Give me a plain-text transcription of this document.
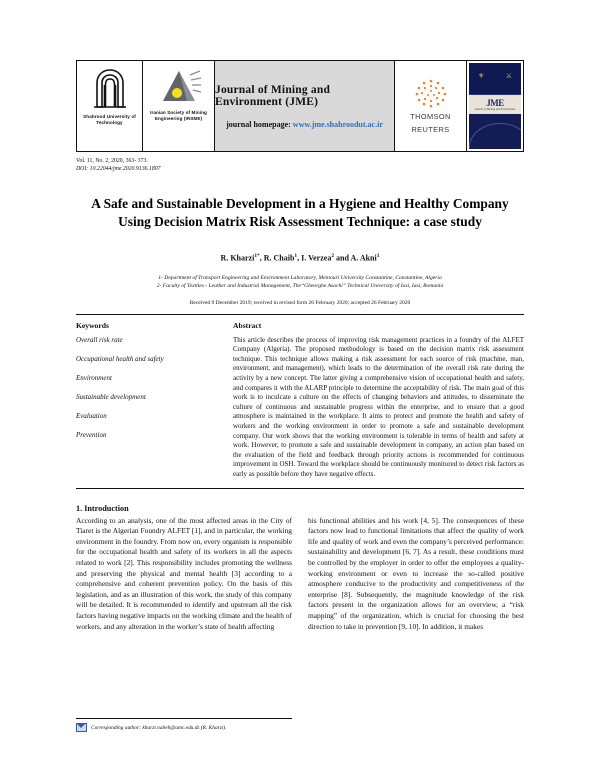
Shahrood University of Technology
Iranian Society of Mining Engineering (IRSME)
Journal of Mining and Environment (JME)
journal homepage: www.jme.shahroodut.ac.ir
THOMSON
REUTERS
⚜	⚔
JME
Journal of Mining and Environment
Vol. 11, No. 2, 2020, 363- 373.
DOI: 10.22044/jme.2020.9136.1807
A Safe and Sustainable Development in a Hygiene and Healthy Company
Using Decision Matrix Risk Assessment Technique: a case study
R. Kharzi$^{1*}$, R. Chaib$^1$, I. Verzea$^2$ and A. Akni$^1$
1- Department of Transport Engineering and Environment Laboratory, Mentouri University Constantine, Constantine, Algeria
2- Faculty of Textiles - Leather and Industrial Management, The“Gheorghe Asachi” Technical University of Iasi, Iasi, Romania
Received 9 December 2019; received in revised form 26 February 2020; accepted 26 February 2020
Keywords
Overall risk rate
Occupational health and safety
Environment
Sustainable development
Evaluation
Prevention
Abstract
This article describes the process of improving risk management practices in a foundry of the ALFET Company (Algeria). The proposed methodology is based on the decision matrix risk assessment technique. This technique allows making a risk assessment for each source of risk (machine, man, environment, and management), which leads to the determination of the overall risk rate during the activity by a new concept. The latter giving a comprehensive vision of occupational health and safety, and compares it with the ALARP principle to determine the acceptability of risk. The main goal of this work is to inculcate a culture on the effects of changing behaviors and attitudes, to disseminate the culture of continuous and sustainable progress within the enterprise, and to ensure that a good atmosphere is maintained in the workplace. It aims to protect and promote the health and safety of workers and the working environment in order to promote a safe and sustainable development company. Our work shows that the working environment is tolerable in terms of health and safety at work. However, to promote a safe and sustainable development in company, an action plan based on the evaluation of the field and feedback through priority actions is recommended for continuous improvement in OSH. Toward the workplace should be continuously monitored to detect risk factors as early as possible before they have negative effects.
1. Introduction
According to an analysis, one of the most affected areas in the City of Tiaret is the Algerian Foundry ALFET [1], and in particular, the working environment in the foundry. From now on, every organism is responsible for the occupational health and safety of its workers in all the aspects related to work [2]. This responsibility includes promoting the wellness and preserving the physical and mental health [3] according to a comprehensive and coherent prevention policy. On the basis of this legislation, and as an illustration of this work, the study of this company will be detailed. It is recommended to identify and upstream all the risk factors having negative impacts on the working climate and the health of workers, and any alteration in the worker’s state of health affecting
his functional abilities and his work [4, 5]. The consequences of these factors now lead to functional limitations that affect the quality of work life and quality of work and even the company’s perceived performance: sustainability and development [6, 7]. As a result, these conditions must be controlled by the employer in order to offer the employees a quality-working environment or even to increase the so-called positive atmosphere conducive to the productivity and competitiveness of the enterprise [8]. Subsequently, the magnitude knowledge of the risk factors present in the organization allows for an overview, a “risk mapping” of the organization, which is crucial for choosing the best direction to take in prevention [9, 10]. In addition, it makes
Corresponding author: kharzi.nabeh@umc.edu.dz (R. Kharzi).
